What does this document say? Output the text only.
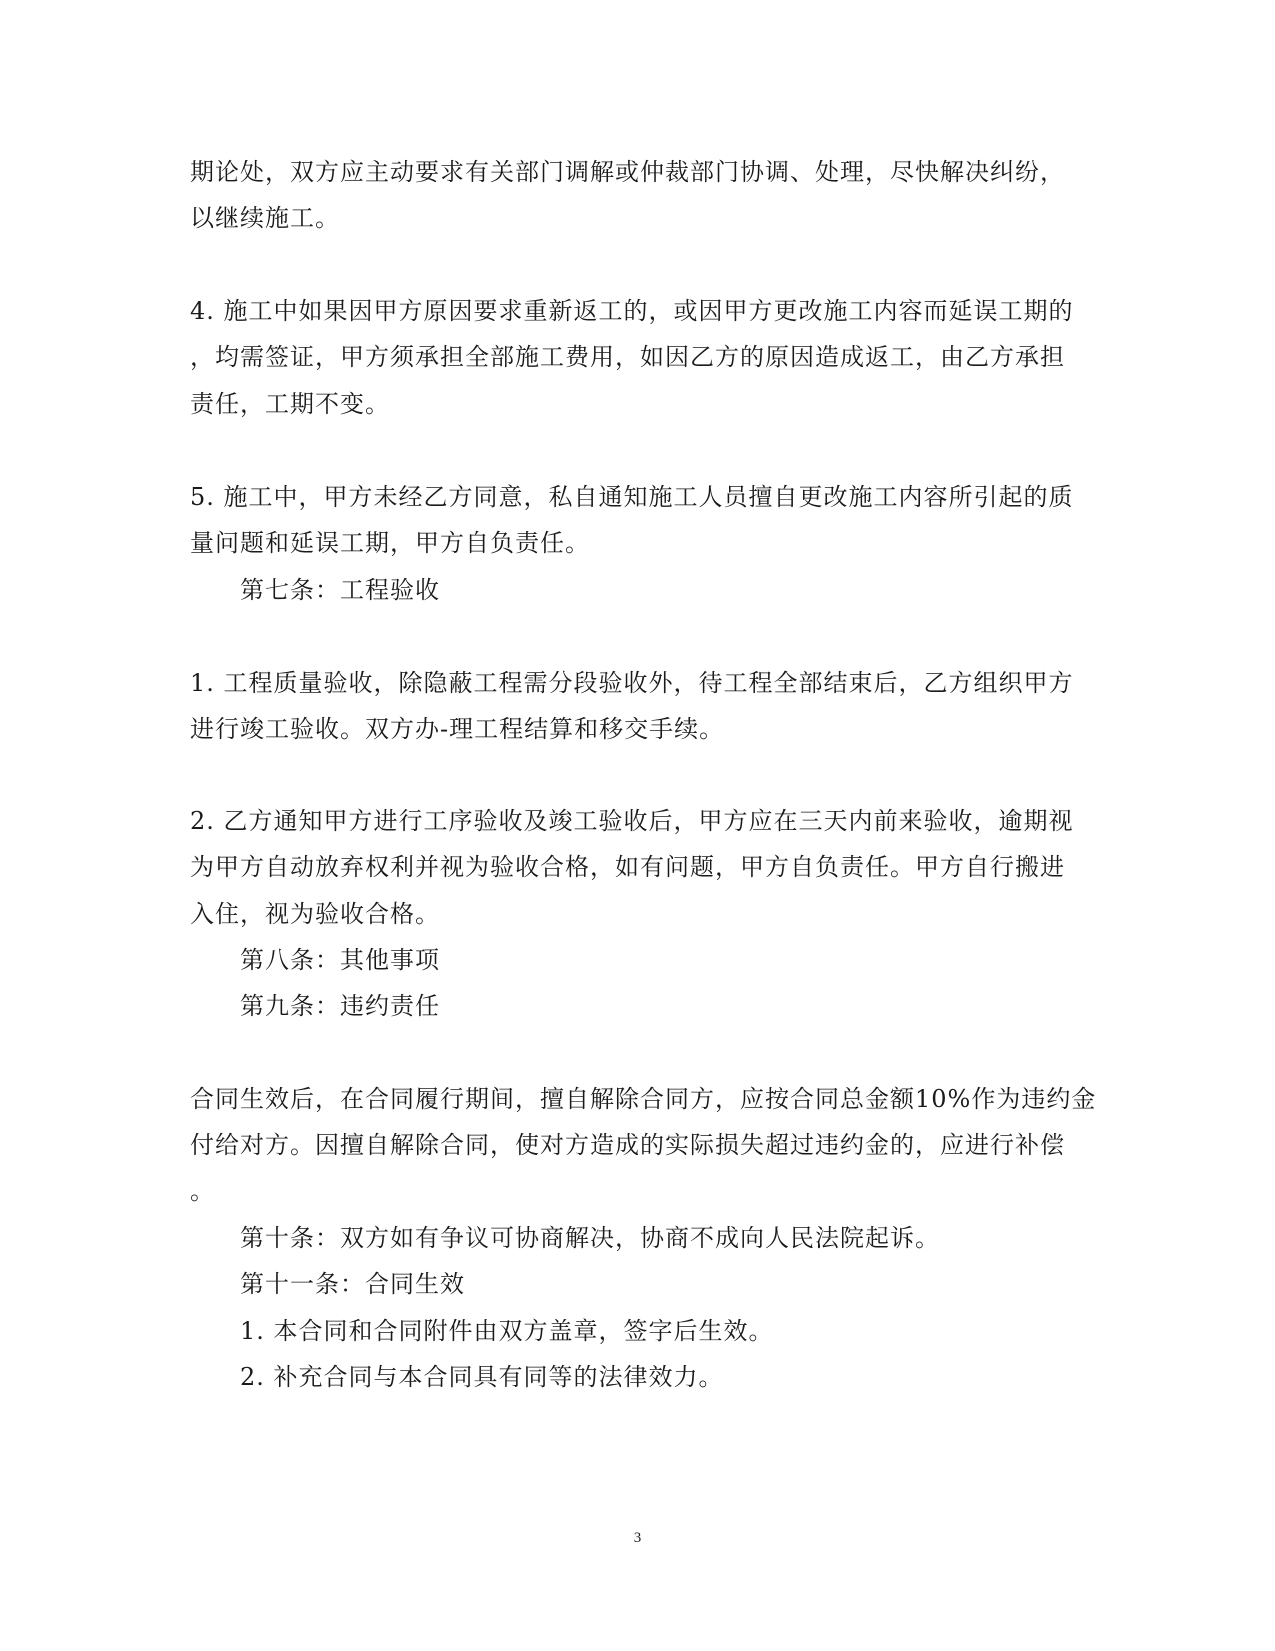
期论处，双方应主动要求有关部门调解或仲裁部门协调、处理，尽快解决纠纷，
以继续施工。
4. 施工中如果因甲方原因要求重新返工的，或因甲方更改施工内容而延误工期的
，均需签证，甲方须承担全部施工费用，如因乙方的原因造成返工，由乙方承担
责任，工期不变。
5. 施工中，甲方未经乙方同意，私自通知施工人员擅自更改施工内容所引起的质
量问题和延误工期，甲方自负责任。
第七条：工程验收
1. 工程质量验收，除隐蔽工程需分段验收外，待工程全部结束后，乙方组织甲方
进行竣工验收。双方办-理工程结算和移交手续。
2. 乙方通知甲方进行工序验收及竣工验收后，甲方应在三天内前来验收，逾期视
为甲方自动放弃权利并视为验收合格，如有问题，甲方自负责任。甲方自行搬进
入住，视为验收合格。
第八条：其他事项
第九条：违约责任
合同生效后，在合同履行期间，擅自解除合同方，应按合同总金额10%作为违约金
付给对方。因擅自解除合同，使对方造成的实际损失超过违约金的，应进行补偿
。
第十条：双方如有争议可协商解决，协商不成向人民法院起诉。
第十一条：合同生效
1. 本合同和合同附件由双方盖章，签字后生效。
2. 补充合同与本合同具有同等的法律效力。
3
